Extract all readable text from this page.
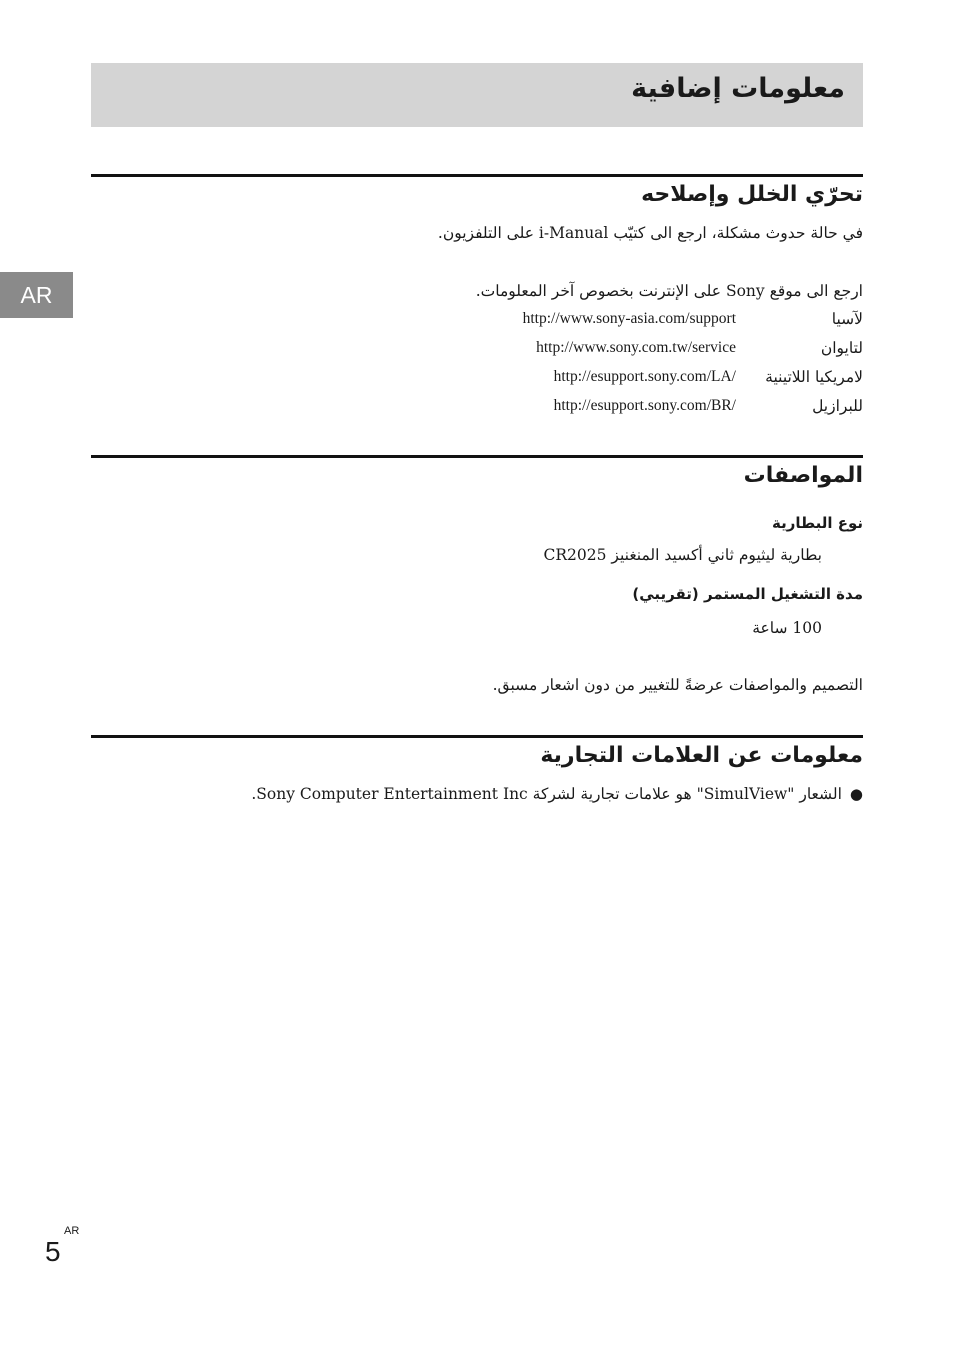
معلومات إضافية
AR
تحرّي الخلل وإصلاحه
في حالة حدوث مشكلة، ارجع الى كتيّب i-Manual على التلفزيون.
ارجع الى موقع Sony على الإنترنت بخصوص آخر المعلومات.
لآسيا
http://www.sony-asia.com/support
لتايوان
http://www.sony.com.tw/service
لامريكيا اللاتينية
http://esupport.sony.com/LA/
للبرازيل
http://esupport.sony.com/BR/
المواصفات
نوع البطارية
بطارية ليثيوم ثاني أكسيد المنغنيز CR2025
مدة التشغيل المستمر (تقريبي)
100 ساعة
التصميم والمواصفات عرضةً للتغيير من دون اشعار مسبق.
معلومات عن العلامات التجارية
●الشعار "SimulView" هو علامات تجارية لشركة Sony Computer Entertainment Inc.
5
AR
